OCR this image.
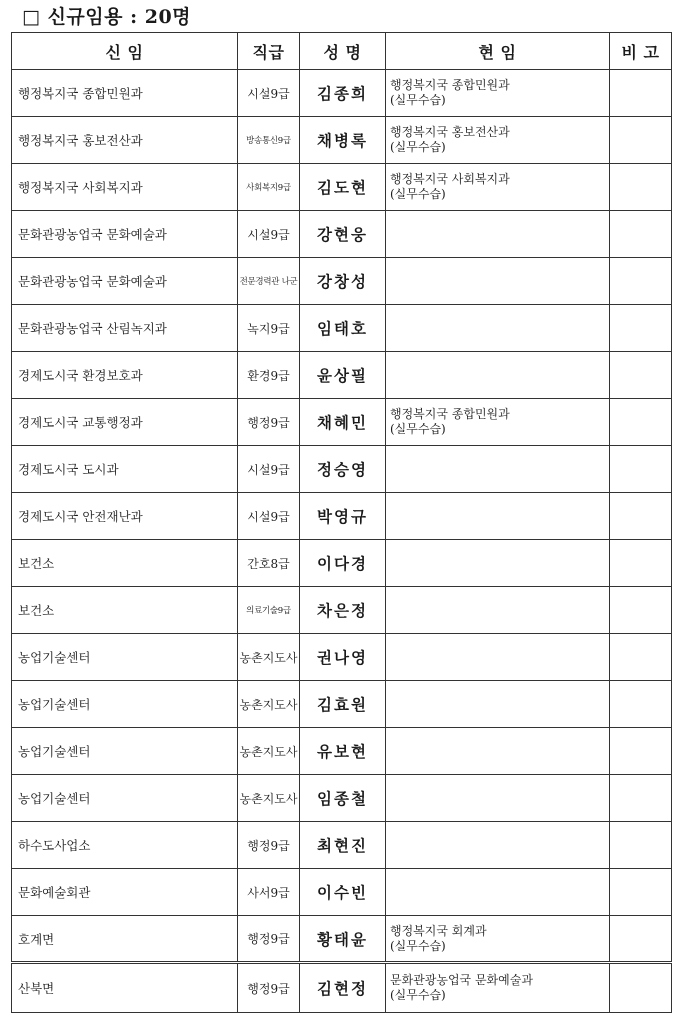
□ 신규임용 : 20명
신 임	직급	성 명	현 임	비 고
행정복지국 종합민원과	시설9급	김종희	행정복지국 종합민원과
(실무수습)	

행정복지국 홍보전산과	방송통신9급	채병록	행정복지국 홍보전산과
(실무수습)	

행정복지국 사회복지과	사회복지9급	김도현	행정복지국 사회복지과
(실무수습)	

문화관광농업국 문화예술과	시설9급	강현웅	

문화관광농업국 문화예술과	전문경력관 나군	강창성	

문화관광농업국 산림녹지과	녹지9급	임태호	

경제도시국 환경보호과	환경9급	윤상필	

경제도시국 교통행정과	행정9급	채혜민	행정복지국 종합민원과
(실무수습)	

경제도시국 도시과	시설9급	정승영	

경제도시국 안전재난과	시설9급	박영규	

보건소	간호8급	이다경	

보건소	의료기술9급	차은정	

농업기술센터	농촌지도사	권나영	

농업기술센터	농촌지도사	김효원	

농업기술센터	농촌지도사	유보현	

농업기술센터	농촌지도사	임종철	

하수도사업소	행정9급	최현진	

문화예술회관	사서9급	이수빈	

호계면	행정9급	황태윤	행정복지국 회계과
(실무수습)	

산북면	행정9급	김현정	문화관광농업국 문화예술과
(실무수습)	
